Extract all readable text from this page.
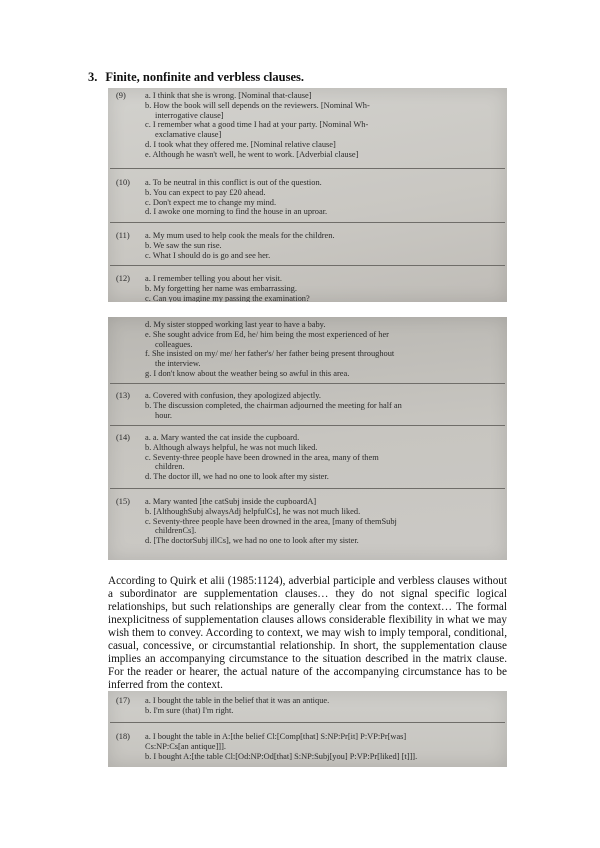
3. Finite, nonfinite and verbless clauses.
(9) a. I think that she is wrong. [Nominal that-clause]
b. How the book will sell depends on the reviewers. [Nominal Wh-
interrogative clause]
c. I remember what a good time I had at your party. [Nominal Wh-
exclamative clause]
d. I took what they offered me. [Nominal relative clause]
e. Although he wasn't well, he went to work. [Adverbial clause]
(10) a. To be neutral in this conflict is out of the question.
b. You can expect to pay £20 ahead.
c. Don't expect me to change my mind.
d. I awoke one morning to find the house in an uproar.
(11) a. My mum used to help cook the meals for the children.
b. We saw the sun rise.
c. What I should do is go and see her.
(12) a. I remember telling you about her visit.
b. My forgetting her name was embarrassing.
c. Can you imagine my passing the examination?
d. My sister stopped working last year to have a baby.
e. She sought advice from Ed, he/ him being the most experienced of her
colleagues.
f. She insisted on my/ me/ her father's/ her father being present throughout
the interview.
g. I don't know about the weather being so awful in this area.
(13) a. Covered with confusion, they apologized abjectly.
b. The discussion completed, the chairman adjourned the meeting for half an
hour.
(14) a. a. Mary wanted the cat inside the cupboard.
b. Although always helpful, he was not much liked.
c. Seventy-three people have been drowned in the area, many of them
children.
d. The doctor ill, we had no one to look after my sister.
(15) a. Mary wanted [the catSubj inside the cupboardA]
b. [AlthoughSubj alwaysAdj helpfulCs], he was not much liked.
c. Seventy-three people have been drowned in the area, [many of themSubj
childrenCs].
d. [The doctorSubj illCs], we had no one to look after my sister.

According to Quirk et alii (1985:1124), adverbial participle and verbless clauses without a subordinator are supplementation clauses… they do not signal specific logical relationships, but such relationships are generally clear from the context… The formal inexplicitness of supplementation clauses allows considerable flexibility in what we may wish them to convey. According to context, we may wish to imply temporal, conditional, casual, concessive, or circumstantial relationship. In short, the supplementation clause implies an accompanying circumstance to the situation described in the matrix clause. For the reader or hearer, the actual nature of the accompanying circumstance has to be inferred from the context.

(17) a. I bought the table in the belief that it was an antique.
b. I'm sure (that) I'm right.
(18) a. I bought the table in A:[the belief Cl:[Comp[that] S:NP:Pr[it] P:VP:Pr[was]
Cs:NP:Cs[an antique]]].
b. I bought A:[the table Cl:[Od:NP:Od[that] S:NP:Subj[you] P:VP:Pr[liked] [t]]].
